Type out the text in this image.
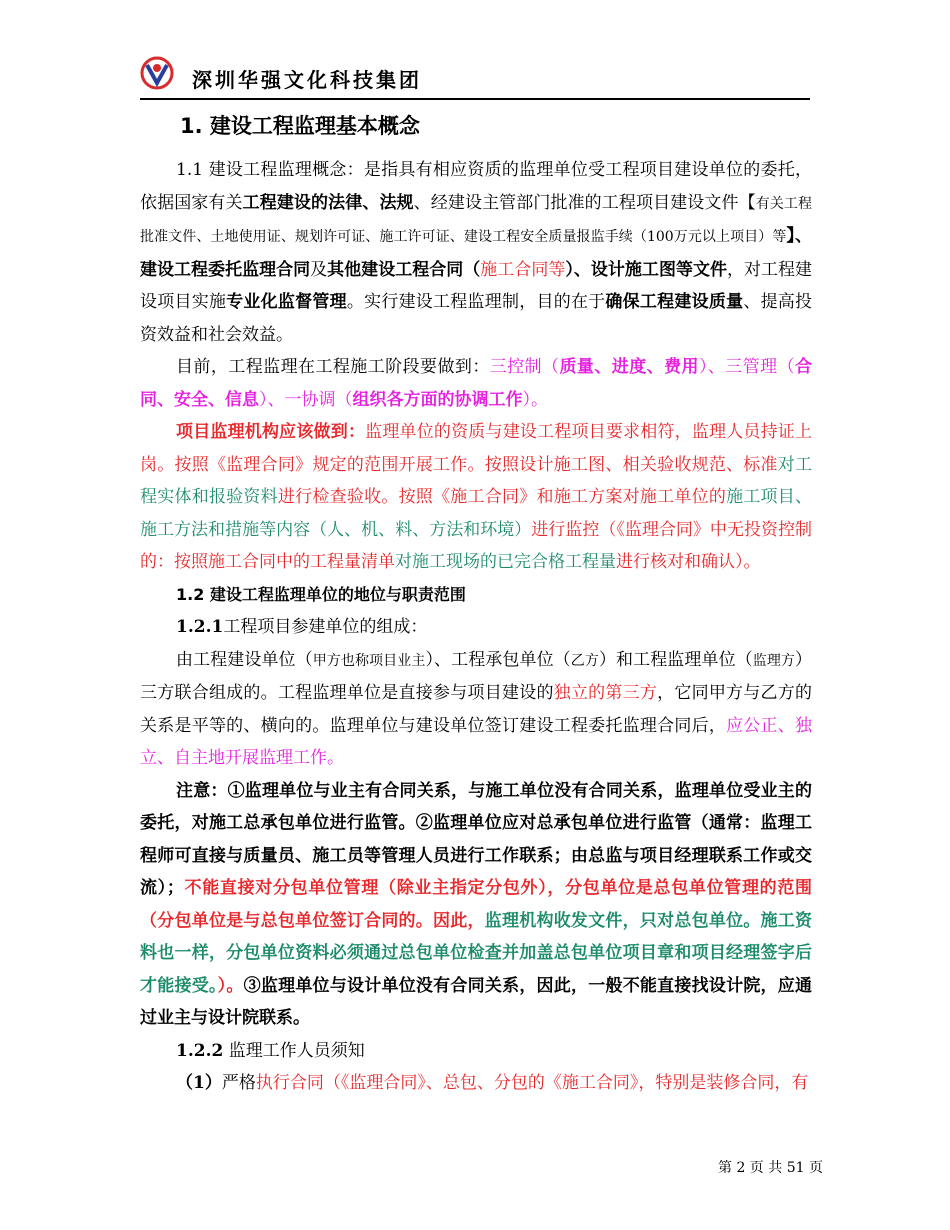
深圳华强文化科技集团
1. 建设工程监理基本概念

1.1 建设工程监理概念：是指具有相应资质的监理单位受工程项目建设单位的委托，依据国家有关工程建设的法律、法规、经建设主管部门批准的工程项目建设文件【有关工程批准文件、土地使用证、规划许可证、施工许可证、建设工程安全质量报监手续（100万元以上项目）等】、建设工程委托监理合同及其他建设工程合同（施工合同等）、设计施工图等文件，对工程建设项目实施专业化监督管理。实行建设工程监理制，目的在于确保工程建设质量、提高投资效益和社会效益。

目前，工程监理在工程施工阶段要做到：三控制（质量、进度、费用）、三管理（合同、安全、信息）、一协调（组织各方面的协调工作）。

项目监理机构应该做到：监理单位的资质与建设工程项目要求相符，监理人员持证上岗。按照《监理合同》规定的范围开展工作。按照设计施工图、相关验收规范、标准对工程实体和报验资料进行检查验收。按照《施工合同》和施工方案对施工单位的施工项目、施工方法和措施等内容（人、机、料、方法和环境）进行监控（《监理合同》中无投资控制的：按照施工合同中的工程量清单对施工现场的已完合格工程量进行核对和确认）。

1.2 建设工程监理单位的地位与职责范围

1.2.1工程项目参建单位的组成：

由工程建设单位（甲方也称项目业主）、工程承包单位（乙方）和工程监理单位（监理方）三方联合组成的。工程监理单位是直接参与项目建设的独立的第三方，它同甲方与乙方的关系是平等的、横向的。监理单位与建设单位签订建设工程委托监理合同后，应公正、独立、自主地开展监理工作。

注意：①监理单位与业主有合同关系，与施工单位没有合同关系，监理单位受业主的委托，对施工总承包单位进行监管。②监理单位应对总承包单位进行监管（通常：监理工程师可直接与质量员、施工员等管理人员进行工作联系；由总监与项目经理联系工作或交流）；不能直接对分包单位管理（除业主指定分包外），分包单位是总包单位管理的范围（分包单位是与总包单位签订合同的。因此，监理机构收发文件，只对总包单位。施工资料也一样，分包单位资料必须通过总包单位检查并加盖总包单位项目章和项目经理签字后才能接受。）。③监理单位与设计单位没有合同关系，因此，一般不能直接找设计院，应通过业主与设计院联系。

1.2.2 监理工作人员须知

（1）严格执行合同（《监理合同》、总包、分包的《施工合同》，特别是装修合同，有

第 2 页 共 51 页
